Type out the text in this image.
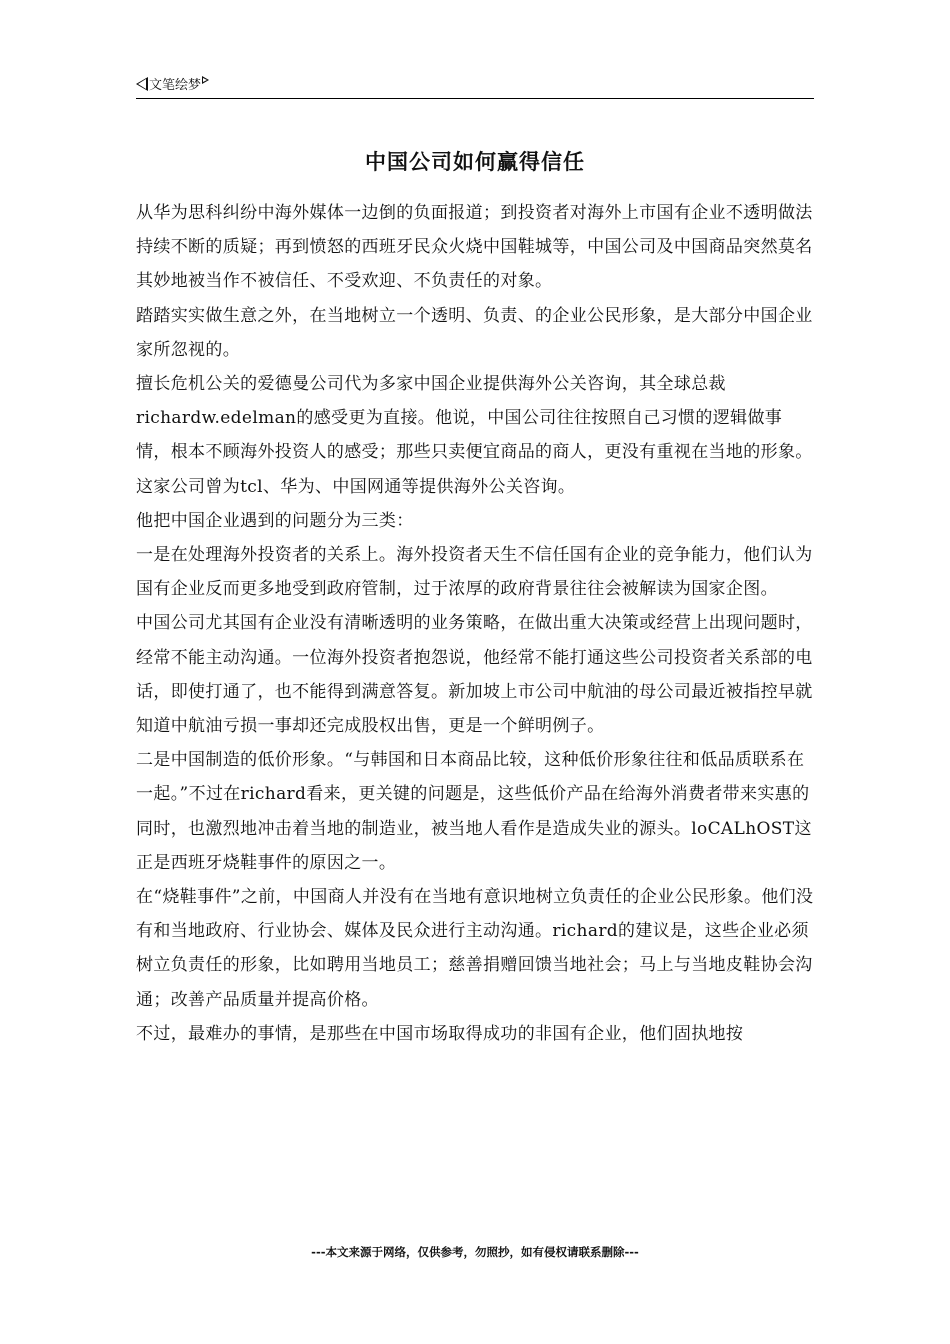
文笔绘梦
中国公司如何赢得信任

从华为思科纠纷中海外媒体一边倒的负面报道；到投资者对海外上市国有企业不透明做法持续不断的质疑；再到愤怒的西班牙民众火烧中国鞋城等，中国公司及中国商品突然莫名其妙地被当作不被信任、不受欢迎、不负责任的对象。

踏踏实实做生意之外，在当地树立一个透明、负责、的企业公民形象，是大部分中国企业家所忽视的。

擅长危机公关的爱德曼公司代为多家中国企业提供海外公关咨询，其全球总裁richardw.edelman的感受更为直接。他说，中国公司往往按照自己习惯的逻辑做事情，根本不顾海外投资人的感受；那些只卖便宜商品的商人，更没有重视在当地的形象。这家公司曾为tcl、华为、中国网通等提供海外公关咨询。

他把中国企业遇到的问题分为三类：

一是在处理海外投资者的关系上。海外投资者天生不信任国有企业的竞争能力，他们认为国有企业反而更多地受到政府管制，过于浓厚的政府背景往往会被解读为国家企图。

中国公司尤其国有企业没有清晰透明的业务策略，在做出重大决策或经营上出现问题时，经常不能主动沟通。一位海外投资者抱怨说，他经常不能打通这些公司投资者关系部的电话，即使打通了，也不能得到满意答复。新加坡上市公司中航油的母公司最近被指控早就知道中航油亏损一事却还完成股权出售，更是一个鲜明例子。

二是中国制造的低价形象。“与韩国和日本商品比较，这种低价形象往往和低品质联系在一起。”不过在richard看来，更关键的问题是，这些低价产品在给海外消费者带来实惠的同时，也激烈地冲击着当地的制造业，被当地人看作是造成失业的源头。loCALhOST这正是西班牙烧鞋事件的原因之一。

在“烧鞋事件”之前，中国商人并没有在当地有意识地树立负责任的企业公民形象。他们没有和当地政府、行业协会、媒体及民众进行主动沟通。richard的建议是，这些企业必须树立负责任的形象，比如聘用当地员工；慈善捐赠回馈当地社会；马上与当地皮鞋协会沟通；改善产品质量并提高价格。

不过，最难办的事情，是那些在中国市场取得成功的非国有企业，他们固执地按

---本文来源于网络，仅供参考，勿照抄，如有侵权请联系删除---
